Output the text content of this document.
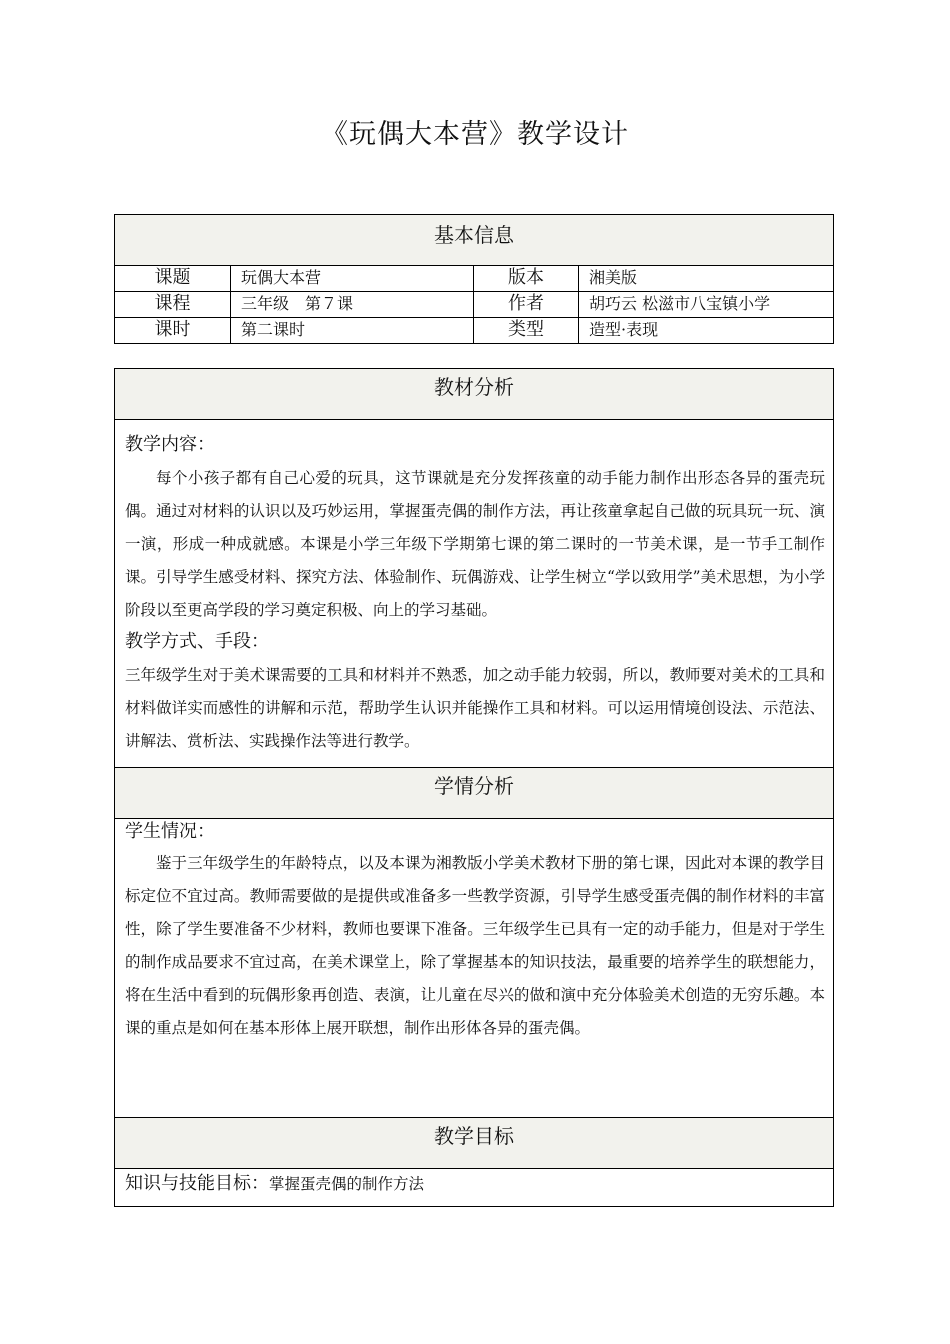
《玩偶大本营》教学设计
基本信息
课题	玩偶大本营	版本	湘美版
课程	三年级　第７课	作者	胡巧云 松滋市八宝镇小学
课时	第二课时	类型	造型·表现
教材分析
教学内容：
每个小孩子都有自己心爱的玩具，这节课就是充分发挥孩童的动手能力制作出形态各异的蛋壳玩偶。通过对材料的认识以及巧妙运用，掌握蛋壳偶的制作方法，再让孩童拿起自己做的玩具玩一玩、演一演，形成一种成就感。本课是小学三年级下学期第七课的第二课时的一节美术课，是一节手工制作课。引导学生感受材料、探究方法、体验制作、玩偶游戏、让学生树立“学以致用学”美术思想，为小学阶段以至更高学段的学习奠定积极、向上的学习基础。
教学方式、手段：
三年级学生对于美术课需要的工具和材料并不熟悉，加之动手能力较弱，所以，教师要对美术的工具和材料做详实而感性的讲解和示范，帮助学生认识并能操作工具和材料。可以运用情境创设法、示范法、讲解法、赏析法、实践操作法等进行教学。
学情分析
学生情况：
鉴于三年级学生的年龄特点，以及本课为湘教版小学美术教材下册的第七课，因此对本课的教学目标定位不宜过高。教师需要做的是提供或准备多一些教学资源，引导学生感受蛋壳偶的制作材料的丰富性，除了学生要准备不少材料，教师也要课下准备。三年级学生已具有一定的动手能力，但是对于学生的制作成品要求不宜过高，在美术课堂上，除了掌握基本的知识技法，最重要的培养学生的联想能力，将在生活中看到的玩偶形象再创造、表演，让儿童在尽兴的做和演中充分体验美术创造的无穷乐趣。本课的重点是如何在基本形体上展开联想，制作出形体各异的蛋壳偶。
教学目标
知识与技能目标：掌握蛋壳偶的制作方法
